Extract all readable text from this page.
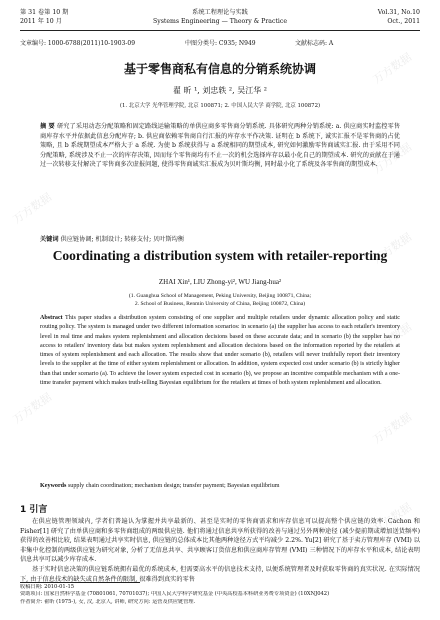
第 31 卷第 10 期
2011 年 10 月
系统工程理论与实践
Systems Engineering — Theory & Practice
Vol.31, No.10
Oct., 2011
文章编号: 1000-6788(2011)10-1903-09	中图分类号: C935; N949	文献标志码: A
基于零售商私有信息的分销系统协调
翟 昕 ¹, 刘忠轶 ², 吴江华 ²
(1. 北京大学 光华管理学院, 北京 100871; 2. 中国人民大学 商学院, 北京 100872)
摘 要 研究了采用动态分配策略和固定路线运输策略的单供应商多零售商分销系统. 具体研究两种分销系统: a. 供应商实时监控零售商库存水平并依据此信息分配库存; b. 供应商依赖零售商自行汇报的库存水平作决策. 证明在 b 系统下, 诚实汇报不是零售商的占优策略, 且 b 系统期望成本严格大于 a 系统. 为使 b 系统获得与 a 系统相同的期望成本, 研究如何激励零售商诚实汇报. 由于采用不同分配策略, 系统涉及不止一次的库存决策, 因而每个零售商均有不止一次的机会选择库存以最小化自己的期望成本. 研究的贡献在于通过一次转移支付解决了零售商多次虚报问题, 使得零售商诚实汇报成为贝叶斯均衡, 同时最小化了系统及各零售商的期望成本.
关键词 供应链协调; 机制设计; 转移支付; 贝叶斯均衡
Coordinating a distribution system with retailer-reporting
ZHAI Xin¹, LIU Zhong-yi², WU Jiang-hua²
(1. Guanghua School of Management, Peking University, Beijing 100871, China;
2. School of Business, Renmin University of China, Beijing 100872, China)
Abstract This paper studies a distribution system consisting of one supplier and multiple retailers under dynamic allocation policy and static routing policy. The system is managed under two different information scenarios: in scenario (a) the supplier has access to each retailer's inventory level in real time and makes system replenishment and allocation decisions based on these accurate data; and in scenario (b) the supplier has no access to retailers' inventory data but makes system replenishment and allocation decisions based on the information reported by the retailers at times of system replenishment and each allocation. The results show that under scenario (b), retailers will never truthfully report their inventory levels to the supplier at the time of either system replenishment or allocation. In addition, system expected cost under scenario (b) is strictly higher than that under scenario (a). To achieve the lower system expected cost in scenario (b), we propose an incentive compatible mechanism with a one-time transfer payment which makes truth-telling Bayesian equilibrium for the retailers at times of both system replenishment and allocation.
Keywords supply chain coordination; mechanism design; transfer payment; Bayesian equilibrium
1 引言

在供应链管理领域内, 学者们普遍认为掌握并共享最新的、甚至是实时的零售商需求和库存信息可以提高整个供应链的效率. Cachon 和 Fisher[1] 研究了由单供应商和多零售商组成的两级供应链. 他们将通过信息共享所获得的改善与通过另外两种途径 (减少提前期或增加送货频率) 获得的改善相比较, 结果表明通过共享实时信息, 供应链的总体成本比其他两种途径方式平均减少 2.2%. Yu[2] 研究了基于卖方管理库存 (VMI) 以非集中化控制的两级供应链为研究对象, 分析了无信息共享、共享顾客订货信息和供应商库存管理 (VMI) 三种情况下的库存水平和成本, 结论表明信息共享可以减少库存成本.

基于实时信息决策的供应链系统拥有最优的系统成本, 但需要高水平的信息技术支持, 以便系统管理者及时获取零售商的真实状况. 在实际情况下, 由于信息技术的缺失或自然条件的限制, 很难得到真实的零售

收稿日期: 2010-01-15
资助项目: 国家自然科学基金 (70801061, 70701037); 中国人民大学科学研究基金 (中央高校基本科研业务费专项资金) (10XNJ042)
作者简介: 翟昕 (1975-), 女, 汉, 北京人, 讲师, 研究方向: 运营及供应链管理.
万方数据
万方数据
万方数据
万方数据
万方数据
万方数据
万方数据
万方数据
